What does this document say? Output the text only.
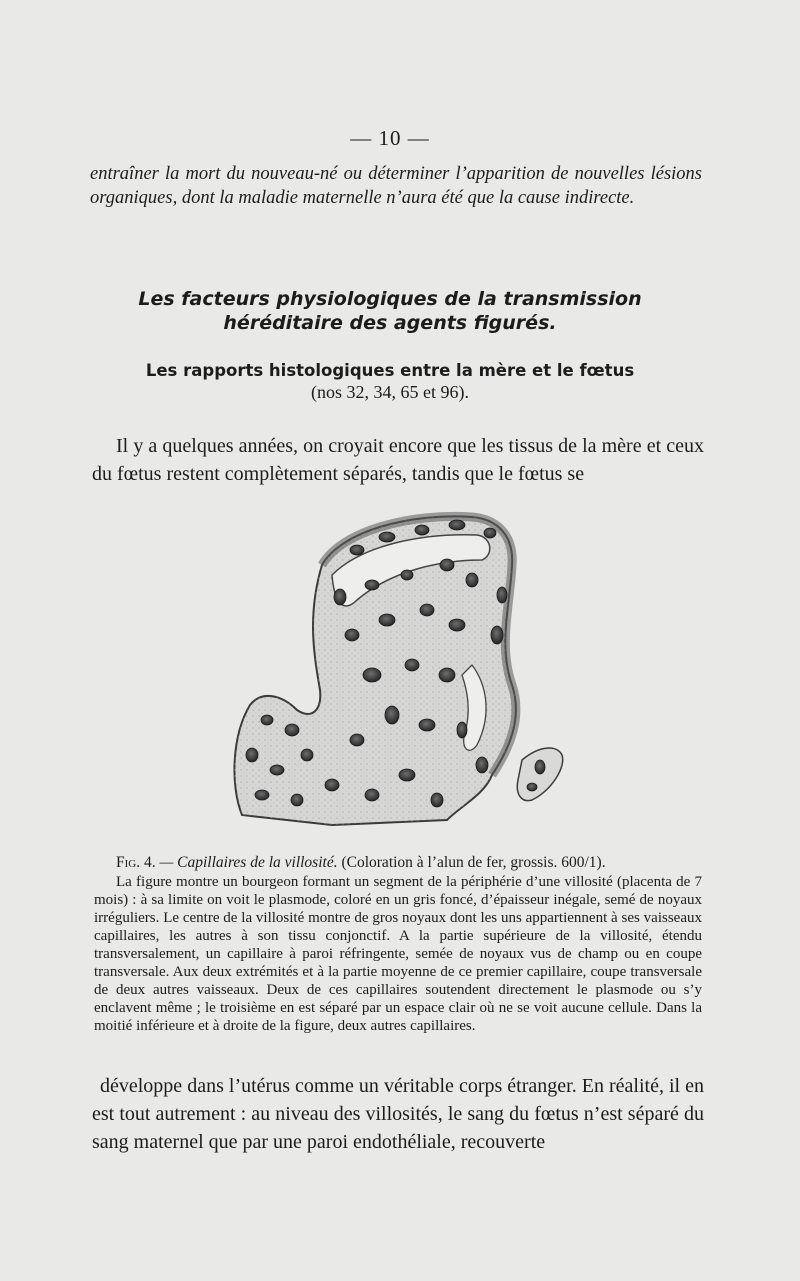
— 10 —
entraîner la mort du nouveau-né ou déterminer l’apparition de nouvelles lésions organiques, dont la maladie maternelle n’aura été que la cause indirecte.
Les facteurs physiologiques de la transmission héréditaire des agents figurés.
Les rapports histologiques entre la mère et le fœtus
(nos 32, 34, 65 et 96).
Il y a quelques années, on croyait encore que les tissus de la mère et ceux du fœtus restent complètement séparés, tandis que le fœtus se

Fig. 4. — Capillaires de la villosité. (Coloration à l’alun de fer, grossis. 600/1).

La figure montre un bourgeon formant un segment de la périphérie d’une villosité (placenta de 7 mois) : à sa limite on voit le plasmode, coloré en un gris foncé, d’épaisseur inégale, semé de noyaux irréguliers. Le centre de la villosité montre de gros noyaux dont les uns appartiennent à ses vaisseaux capillaires, les autres à son tissu conjonctif. A la partie supérieure de la villosité, étendu transversalement, un capillaire à paroi réfringente, semée de noyaux vus de champ ou en coupe transversale. Aux deux extrémités et à la partie moyenne de ce premier capillaire, coupe transversale de deux autres vaisseaux. Deux de ces capillaires soutendent directement le plasmode ou s’y enclavent même ; le troisième en est séparé par un espace clair où ne se voit aucune cellule. Dans la moitié inférieure et à droite de la figure, deux autres capillaires.

développe dans l’utérus comme un véritable corps étranger. En réalité, il en est tout autrement : au niveau des villosités, le sang du fœtus n’est séparé du sang maternel que par une paroi endothéliale, recouverte
